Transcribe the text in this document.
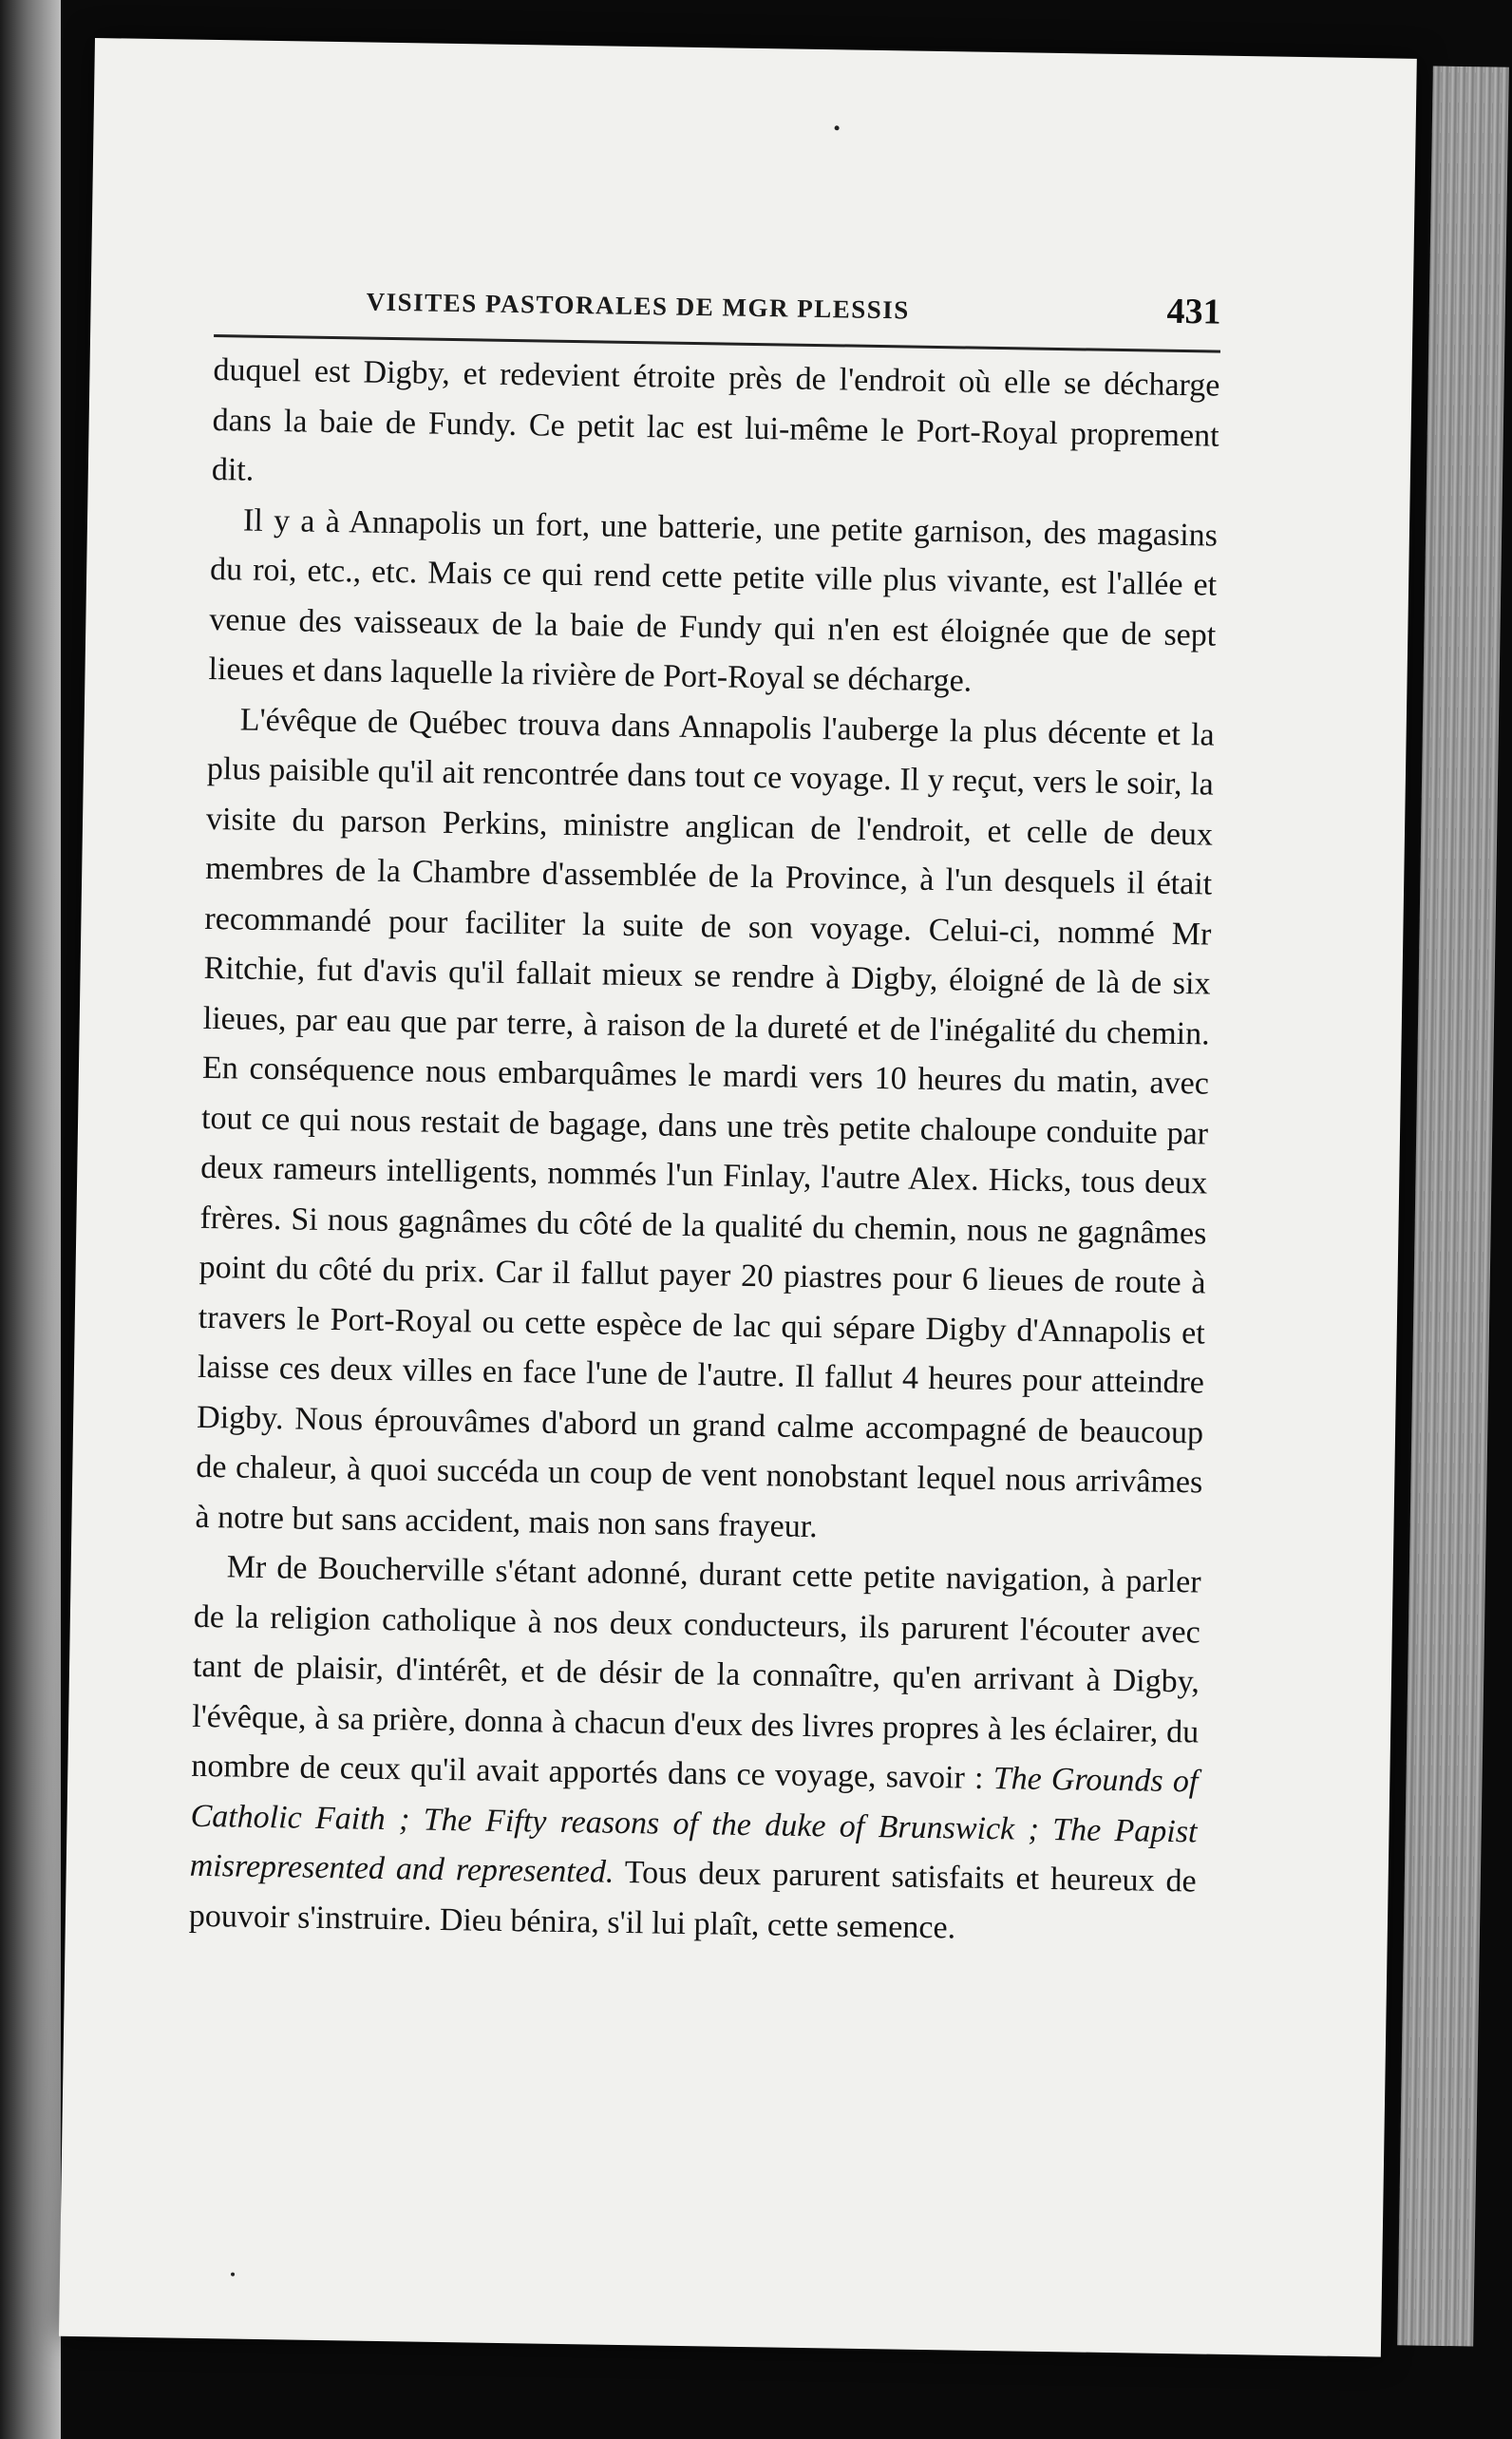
VISITES PASTORALES DE MGR PLESSIS	431

duquel est Digby, et redevient étroite près de l'endroit où elle se décharge dans la baie de Fundy. Ce petit lac est lui-même le Port-Royal proprement dit.

Il y a à Annapolis un fort, une batterie, une petite garnison, des magasins du roi, etc., etc. Mais ce qui rend cette petite ville plus vivante, est l'allée et venue des vaisseaux de la baie de Fundy qui n'en est éloignée que de sept lieues et dans laquelle la rivière de Port-Royal se décharge.

L'évêque de Québec trouva dans Annapolis l'auberge la plus décente et la plus paisible qu'il ait rencontrée dans tout ce voyage. Il y reçut, vers le soir, la visite du parson Perkins, ministre anglican de l'endroit, et celle de deux membres de la Chambre d'assemblée de la Province, à l'un desquels il était recommandé pour faciliter la suite de son voyage. Celui-ci, nommé Mr Ritchie, fut d'avis qu'il fallait mieux se rendre à Digby, éloigné de là de six lieues, par eau que par terre, à raison de la dureté et de l'inégalité du chemin. En conséquence nous embarquâmes le mardi vers 10 heures du matin, avec tout ce qui nous restait de bagage, dans une très petite chaloupe conduite par deux rameurs intelligents, nommés l'un Finlay, l'autre Alex. Hicks, tous deux frères. Si nous gagnâmes du côté de la qualité du chemin, nous ne gagnâmes point du côté du prix. Car il fallut payer 20 piastres pour 6 lieues de route à travers le Port-Royal ou cette espèce de lac qui sépare Digby d'Annapolis et laisse ces deux villes en face l'une de l'autre. Il fallut 4 heures pour atteindre Digby. Nous éprouvâmes d'abord un grand calme accompagné de beaucoup de chaleur, à quoi succéda un coup de vent nonobstant lequel nous arrivâmes à notre but sans accident, mais non sans frayeur.

Mr de Boucherville s'étant adonné, durant cette petite navigation, à parler de la religion catholique à nos deux conducteurs, ils parurent l'écouter avec tant de plaisir, d'intérêt, et de désir de la connaître, qu'en arrivant à Digby, l'évêque, à sa prière, donna à chacun d'eux des livres propres à les éclairer, du nombre de ceux qu'il avait apportés dans ce voyage, savoir : The Grounds of Catholic Faith ; The Fifty reasons of the duke of Brunswick ; The Papist misrepresented and represented. Tous deux parurent satisfaits et heureux de pouvoir s'instruire. Dieu bénira, s'il lui plaît, cette semence.
